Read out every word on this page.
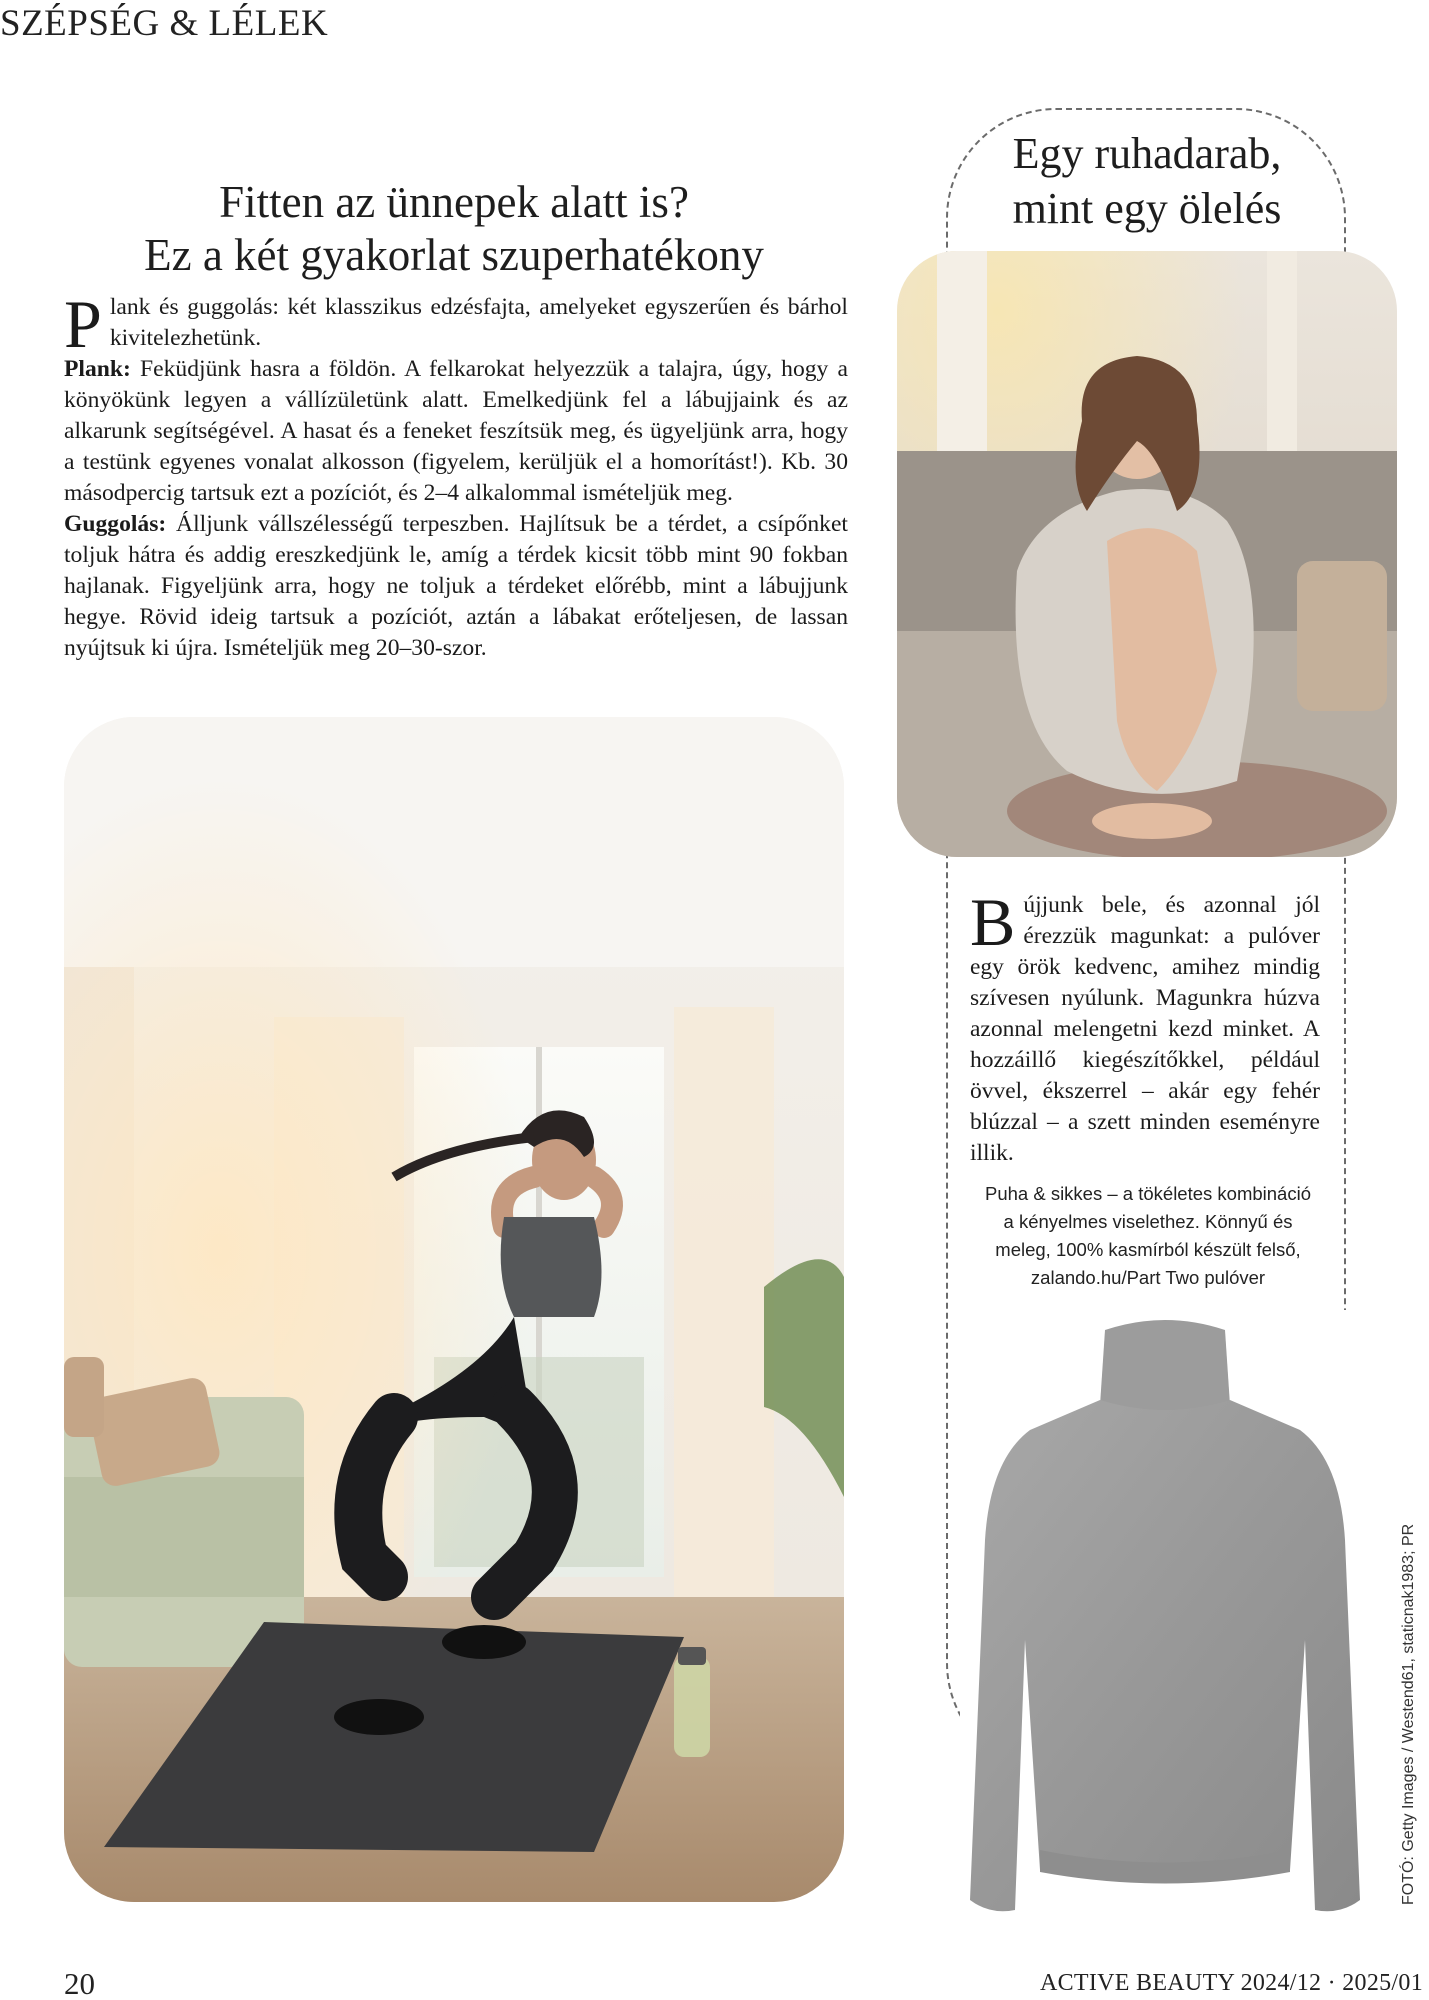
SZÉPSÉG & LÉLEK
Fitten az ünnepek alatt is?
Ez a két gyakorlat szuperhatékony

Plank és guggolás: két klasszikus edzésfajta, amelyeket egyszerűen és bárhol kivitelezhetünk.

Plank: Feküdjünk hasra a földön. A felkarokat helyezzük a talajra, úgy, hogy a könyökünk legyen a vállízületünk alatt. Emelkedjünk fel a lábujjaink és az alkarunk segítségével. A hasat és a feneket feszítsük meg, és ügyeljünk arra, hogy a testünk egyenes vonalat alkosson (figyelem, kerüljük el a homorítást!). Kb. 30 másodpercig tartsuk ezt a pozíciót, és 2–4 alkalommal ismételjük meg.

Guggolás: Álljunk vállszélességű terpeszben. Hajlítsuk be a térdet, a csípőnket toljuk hátra és addig ereszkedjünk le, amíg a térdek kicsit több mint 90 fokban hajlanak. Figyeljünk arra, hogy ne toljuk a térdeket előrébb, mint a lábujjunk hegye. Rövid ideig tartsuk a pozíciót, aztán a lábakat erőteljesen, de lassan nyújtsuk ki újra. Ismételjük meg 20–30-szor.

Egy ruhadarab,
mint egy ölelés
Bújjunk bele, és azonnal jól érezzük magunkat: a pulóver egy örök kedvenc, amihez mindig szívesen nyúlunk. Magunkra húzva azonnal melengetni kezd minket. A hozzáillő kiegészítőkkel, például övvel, ékszerrel – akár egy fehér blúzzal – a szett minden eseményre illik.
Puha & sikkes – a tökéletes kombináció
a kényelmes viselethez. Könnyű és
meleg, 100% kasmírból készült felső,
zalando.hu/Part Two pulóver
FOTÓ: Getty Images / Westend61, staticnak1983; PR
20	ACTIVE BEAUTY 2024/12 · 2025/01
